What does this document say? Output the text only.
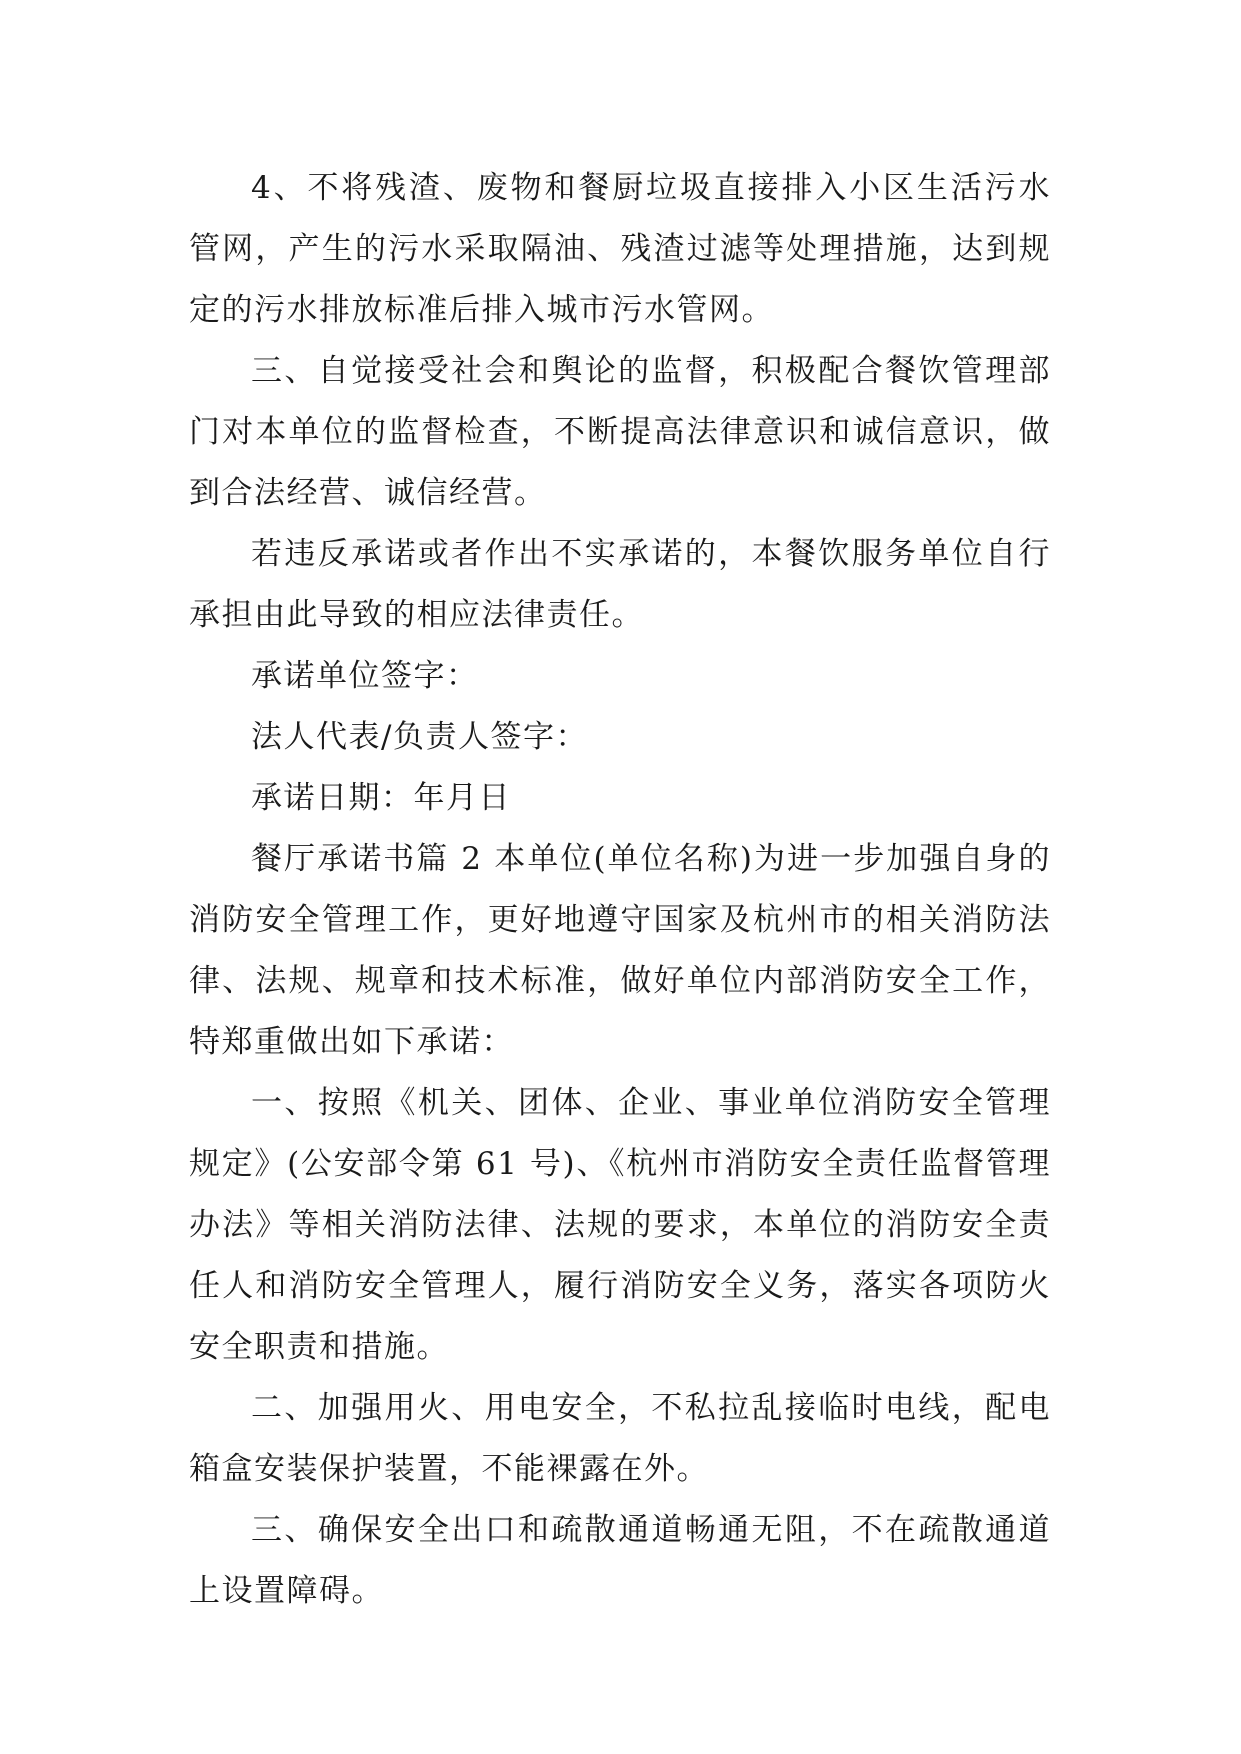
4、不将残渣、废物和餐厨垃圾直接排入小区生活污水管网，产生的污水采取隔油、残渣过滤等处理措施，达到规定的污水排放标准后排入城市污水管网。

三、自觉接受社会和舆论的监督，积极配合餐饮管理部门对本单位的监督检查，不断提高法律意识和诚信意识，做到合法经营、诚信经营。

若违反承诺或者作出不实承诺的，本餐饮服务单位自行承担由此导致的相应法律责任。

承诺单位签字：

法人代表/负责人签字：

承诺日期：年月日

餐厅承诺书篇 2 本单位(单位名称)为进一步加强自身的消防安全管理工作，更好地遵守国家及杭州市的相关消防法律、法规、规章和技术标准，做好单位内部消防安全工作，特郑重做出如下承诺：

一、按照《机关、团体、企业、事业单位消防安全管理规定》(公安部令第 61 号)、《杭州市消防安全责任监督管理办法》等相关消防法律、法规的要求，本单位的消防安全责任人和消防安全管理人，履行消防安全义务，落实各项防火安全职责和措施。

二、加强用火、用电安全，不私拉乱接临时电线，配电箱盒安装保护装置，不能裸露在外。

三、确保安全出口和疏散通道畅通无阻，不在疏散通道上设置障碍。
